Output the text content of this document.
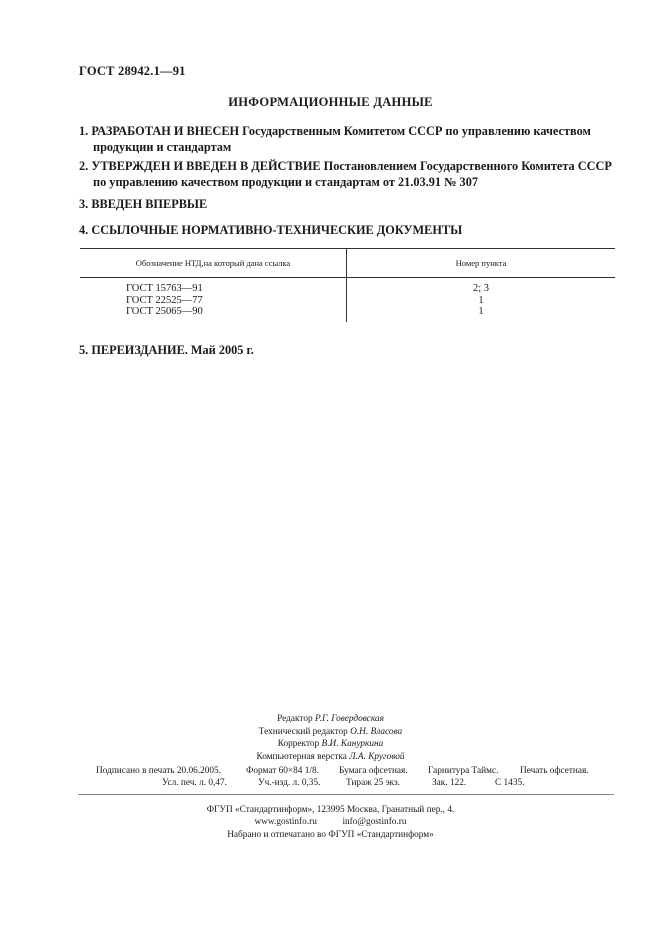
ГОСТ 28942.1—91
ИНФОРМАЦИОННЫЕ ДАННЫЕ
1. РАЗРАБОТАН И ВНЕСЕН Государственным Комитетом СССР по управлению качеством продукции и стандартам
2. УТВЕРЖДЕН И ВВЕДЕН В ДЕЙСТВИЕ Постановлением Государственного Комитета СССР по управлению качеством продукции и стандартам от 21.03.91 № 307
3. ВВЕДЕН ВПЕРВЫЕ
4. ССЫЛОЧНЫЕ НОРМАТИВНО-ТЕХНИЧЕСКИЕ ДОКУМЕНТЫ
Обозначение НТД,на который дана ссылка	Номер пункта
ГОСТ 15763—91	2; 3
ГОСТ 22525—77	1
ГОСТ 25065—90	1
5. ПЕРЕИЗДАНИЕ. Май 2005 г.
Редактор Р.Г. Говердовская
Технический редактор О.Н. Власова
Корректор В.И. Кануркина
Компьютерная верстка Л.А. Круговой
Подписано в печать 20.06.2005.	Формат 60×84 1/8. Бумага офсетная. Гарнитура Таймс. Печать офсетная.
Усл. печ. л. 0,47.	Уч.-изд. л. 0,35.	Тираж 25 экз.	Зак. 122.	С 1435.
ФГУП «Стандартинформ», 123995 Москва, Гранатный пер., 4.
www.gostinfo.ru	info@gostinfo.ru
Набрано и отпечатано во ФГУП «Стандартинформ»
